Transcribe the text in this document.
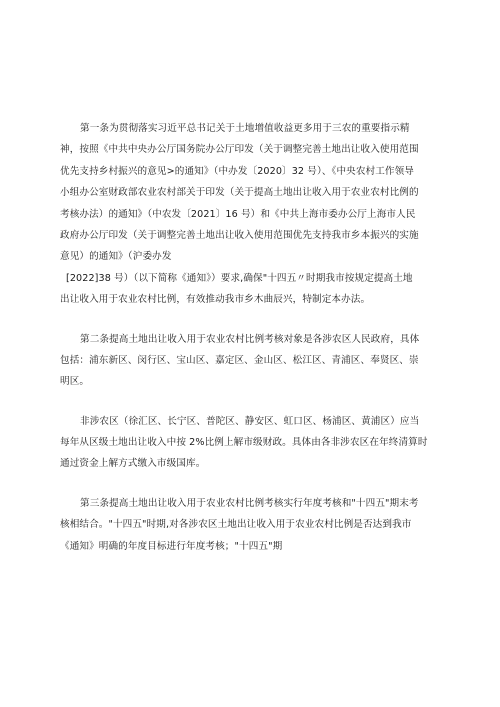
第一条为贯彻落实习近平总书记关于土地增值收益更多用于三农的重要指示精
神，按照《中共中央办公厅国务院办公厅印发（关于调整完善土地出让收入使用范围
优先支持乡村振兴的意见>的通知》（中办发〔2020〕32 号）、《中央农村工作领导
小组办公室财政部农业农村部关于印发（关于提高土地出让收入用于农业农村比例的
考核办法）的通知》（中农发〔2021〕16 号）和《中共上海市委办公厅上海市人民
政府办公厅印发（关于调整完善土地出让收入使用范围优先支持我市乡本振兴的实施
意见）的通知》（沪委办发
[2022]38 号）（以下简称《通知》）要求,确保"十四五〃时期我市按规定提高土地
出让收入用于农业农村比例，有效推动我市乡木曲辰兴，特制定本办法。
第二条提高土地出让收入用于农业农村比例考核对象是各涉农区人民政府，具体
包括：浦东新区、闵行区、宝山区、嘉定区、金山区、松江区、青浦区、奉贤区、崇
明区。
非涉农区（徐汇区、长宁区、普陀区、静安区、虹口区、杨浦区、黄浦区）应当
每年从区级土地出让收入中按 2%比例上解市级财政。具体由各非涉农区在年终清算时
通过资金上解方式缴入市级国库。
第三条提高土地出让收入用于农业农村比例考核实行年度考核和"十四五"期末考
核相结合。"十四五"时期,对各涉农区土地出让收入用于农业农村比例是否达到我市
《通知》明确的年度目标进行年度考核；"十四五"期
